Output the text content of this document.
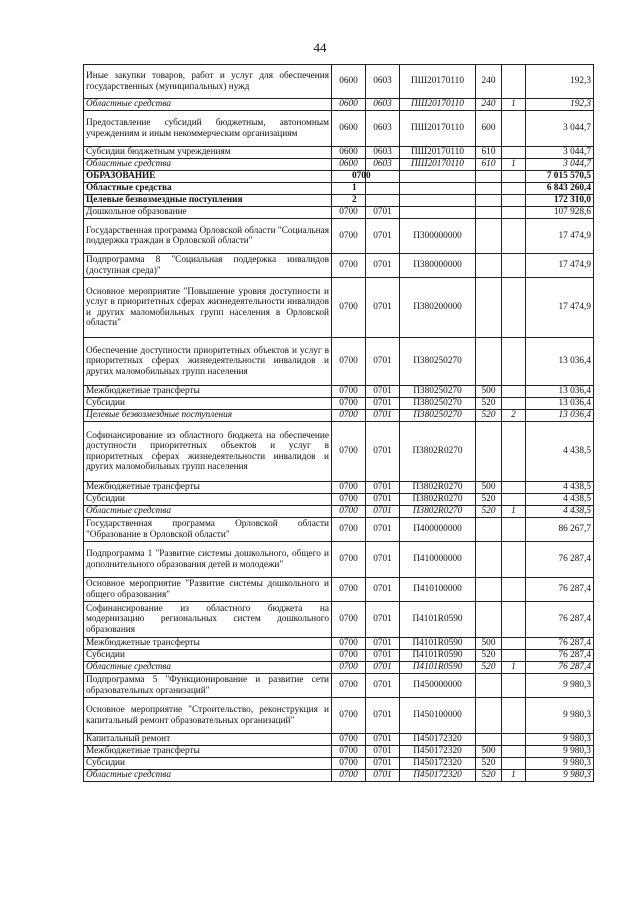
44
Иные закупки товаров, работ и услуг для обеспечения государственных (муниципальных) нужд	0600	0603	ПШ20170110	240		192,3
Областные средства	0600	0603	ПШ20170110	240	1	192,3
Предоставление субсидий бюджетным, автономным учреждениям и иным некоммерческим организациям	0600	0603	ПШ20170110	600		3 044,7
Субсидии бюджетным учреждениям	0600	0603	ПШ20170110	610		3 044,7
Областные средства	0600	0603	ПШ20170110	610	1	3 044,7
ОБРАЗОВАНИЕ	0700					7 015 570,5
Областные средства	1					6 843 260,4
Целевые безвозмездные поступления	2					172 310,0
Дошкольное образование	0700	0701				107 928,6
Государственная программа Орловской области "Социальная поддержка граждан в Орловской области"	0700	0701	П300000000			17 474,9
Подпрограмма 8 "Социальная поддержка инвалидов (доступная среда)"	0700	0701	П380000000			17 474,9
Основное мероприятие "Повышение уровня доступности и услуг в приоритетных сферах жизнедеятельности инвалидов и других маломобильных групп населения в Орловской области"	0700	0701	П380200000			17 474,9
Обеспечение доступности приоритетных объектов и услуг в приоритетных сферах жизнедеятельности инвалидов и других маломобильных групп населения	0700	0701	П380250270			13 036,4
Межбюджетные трансферты	0700	0701	П380250270	500		13 036,4
Субсидии	0700	0701	П380250270	520		13 036,4
Целевые безвозмездные поступления	0700	0701	П380250270	520	2	13 036,4
Софинансирование из областного бюджета на обеспечение доступности приоритетных объектов и услуг в приоритетных сферах жизнедеятельности инвалидов и других маломобильных групп населения	0700	0701	П3802R0270			4 438,5
Межбюджетные трансферты	0700	0701	П3802R0270	500		4 438,5
Субсидии	0700	0701	П3802R0270	520		4 438,5
Областные средства	0700	0701	П3802R0270	520	1	4 438,5
Государственная программа Орловской области "Образование в Орловской области"	0700	0701	П400000000			86 267,7
Подпрограмма 1 "Развитие системы дошкольного, общего и дополнительного образования детей и молодежи"	0700	0701	П410000000			76 287,4
Основное мероприятие "Развитие системы дошкольного и общего образования"	0700	0701	П410100000			76 287,4
Софинансирование из областного бюджета на модернизацию региональных систем дошкольного образования	0700	0701	П4101R0590			76 287,4
Межбюджетные трансферты	0700	0701	П4101R0590	500		76 287,4
Субсидии	0700	0701	П4101R0590	520		76 287,4
Областные средства	0700	0701	П4101R0590	520	1	76 287,4
Подпрограмма 5 "Функционирование и развитие сети образовательных организаций"	0700	0701	П450000000			9 980,3
Основное мероприятие "Строительство, реконструкция и капитальный ремонт образовательных организаций"	0700	0701	П450100000			9 980,3
Капитальный ремонт	0700	0701	П450172320			9 980,3
Межбюджетные трансферты	0700	0701	П450172320	500		9 980,3
Субсидии	0700	0701	П450172320	520		9 980,3
Областные средства	0700	0701	П450172320	520	1	9 980,3
